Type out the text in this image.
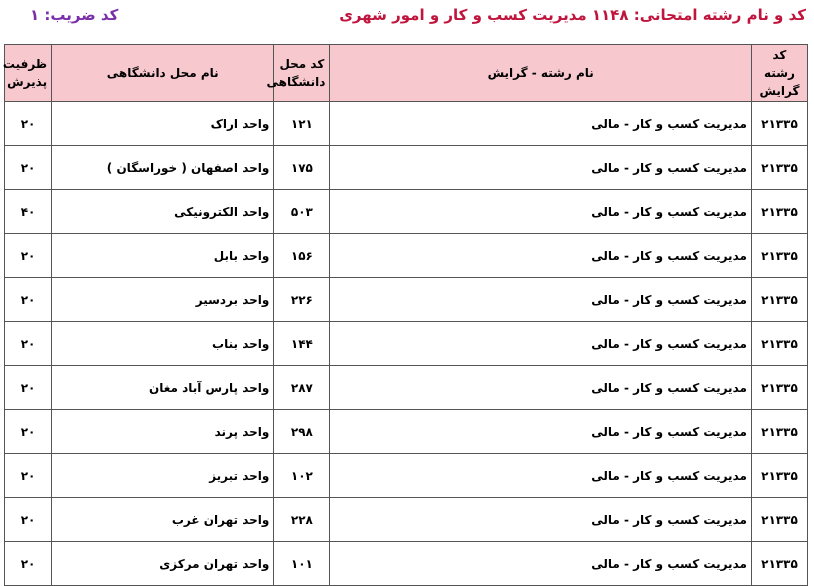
کد و نام رشته امتحانی: ۱۱۴۸ مدیریت کسب و کار و امور شهری
کد ضریب: ۱
کد رشته گرایش	نام رشته - گرایش	کد محل دانشگاهی	نام محل دانشگاهی	ظرفیت پذیرش
۲۱۳۳۵	مدیریت کسب و کار - مالی	۱۲۱	واحد اراک	۲۰
۲۱۳۳۵	مدیریت کسب و کار - مالی	۱۷۵	واحد اصفهان ( خوراسگان )	۲۰
۲۱۳۳۵	مدیریت کسب و کار - مالی	۵۰۳	واحد الکترونیکی	۴۰
۲۱۳۳۵	مدیریت کسب و کار - مالی	۱۵۶	واحد بابل	۲۰
۲۱۳۳۵	مدیریت کسب و کار - مالی	۲۲۶	واحد بردسیر	۲۰
۲۱۳۳۵	مدیریت کسب و کار - مالی	۱۴۴	واحد بناب	۲۰
۲۱۳۳۵	مدیریت کسب و کار - مالی	۲۸۷	واحد پارس آباد مغان	۲۰
۲۱۳۳۵	مدیریت کسب و کار - مالی	۲۹۸	واحد پرند	۲۰
۲۱۳۳۵	مدیریت کسب و کار - مالی	۱۰۲	واحد تبریز	۲۰
۲۱۳۳۵	مدیریت کسب و کار - مالی	۲۲۸	واحد تهران غرب	۲۰
۲۱۳۳۵	مدیریت کسب و کار - مالی	۱۰۱	واحد تهران مرکزی	۲۰
